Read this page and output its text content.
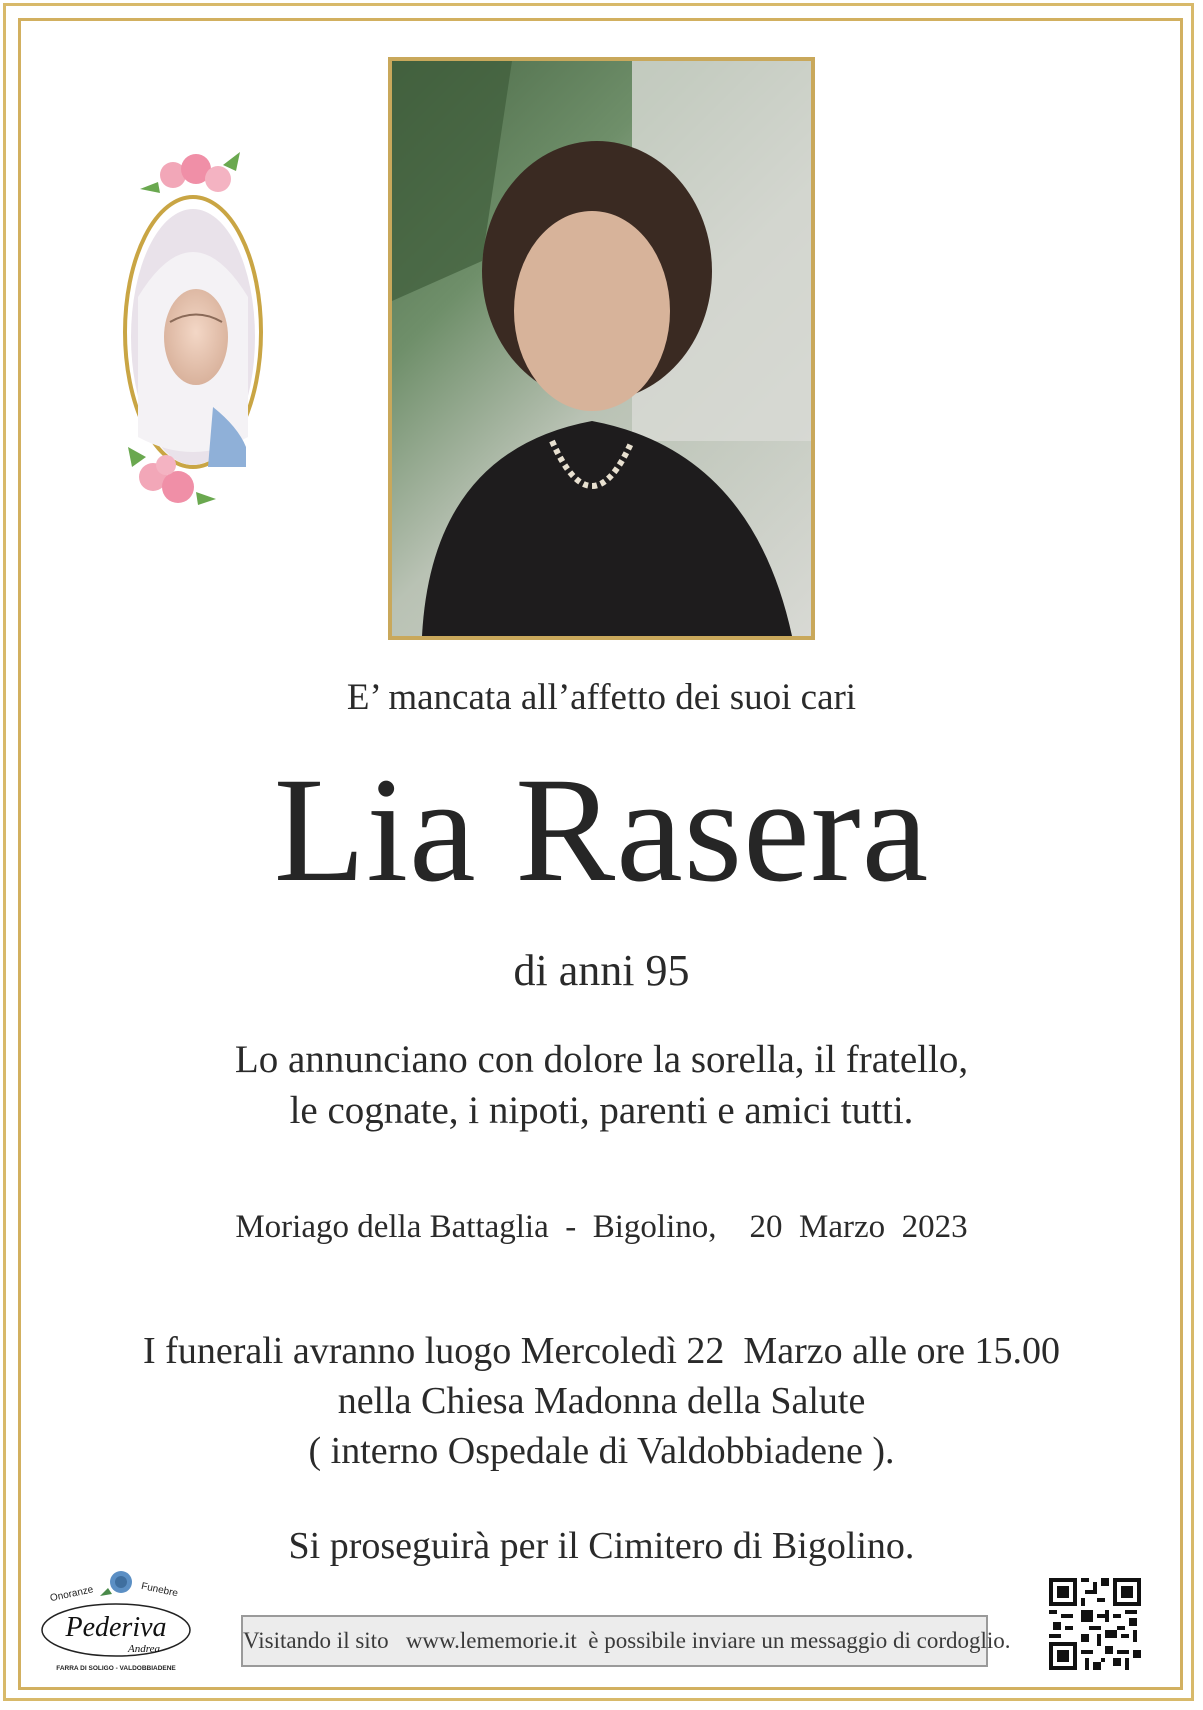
E’ mancata all’affetto dei suoi cari
Lia Rasera
di anni 95
Lo annunciano con dolore la sorella, il fratello,
le cognate, i nipoti, parenti e amici tutti.
Moriago della Battaglia  -  Bigolino,    20  Marzo  2023
I funerali avranno luogo Mercoledì 22  Marzo alle ore 15.00
nella Chiesa Madonna della Salute
( interno Ospedale di Valdobbiadene ).
Si proseguirà per il Cimitero di Bigolino.
Onoranze	Funebre
Pederiva
Andrea
FARRA DI SOLIGO - VALDOBBIADENE
Visitando il sito   www.lememorie.it  è possibile inviare un messaggio di cordoglio.
